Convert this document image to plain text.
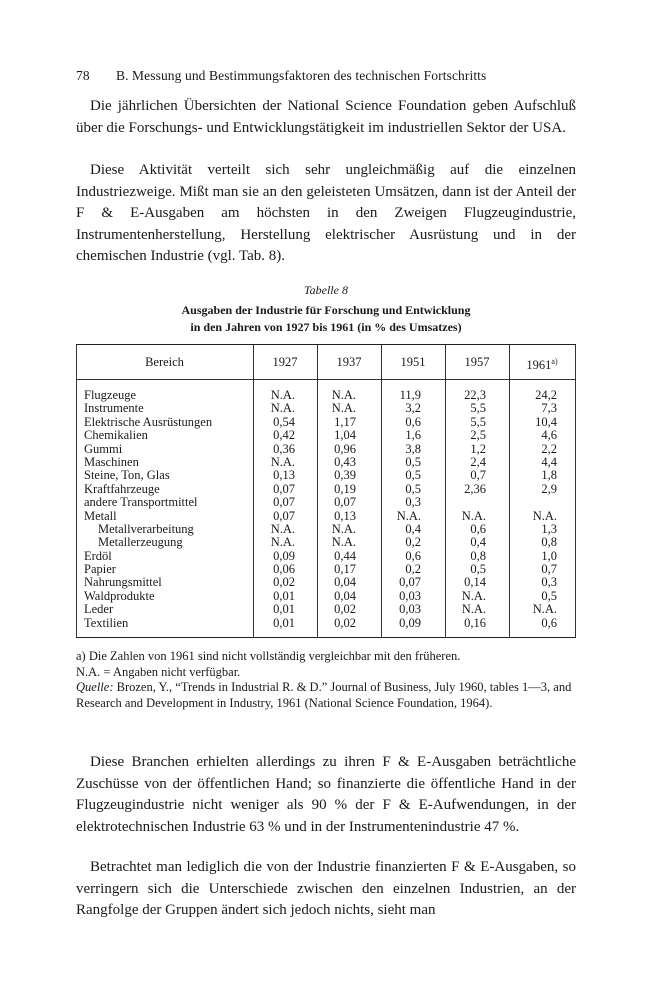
78 B. Messung und Bestimmungsfaktoren des technischen Fortschritts
Die jährlichen Übersichten der National Science Foundation geben Aufschluß über die Forschungs- und Entwicklungstätigkeit im industriellen Sektor der USA.
Diese Aktivität verteilt sich sehr ungleichmäßig auf die einzelnen Industriezweige. Mißt man sie an den geleisteten Umsätzen, dann ist der Anteil der F & E-Ausgaben am höchsten in den Zweigen Flugzeugindustrie, Instrumentenherstellung, Herstellung elektrischer Ausrüstung und in der chemischen Industrie (vgl. Tab. 8).
Tabelle 8
Ausgaben der Industrie für Forschung und Entwicklung
in den Jahren von 1927 bis 1961 (in % des Umsatzes)
Bereich	1927	1937	1951	1957	1961$^{a)}$
Flugzeuge	N.A.	N.A.	11,9	22,3	24,2
Instrumente	N.A.	N.A.	3,2	5,5	7,3
Elektrische Ausrüstungen	0,54	1,17	0,6	5,5	10,4
Chemikalien	0,42	1,04	1,6	2,5	4,6
Gummi	0,36	0,96	3,8	1,2	2,2
Maschinen	N.A.	0,43	0,5	2,4	4,4
Steine, Ton, Glas	0,13	0,39	0,5	0,7	1,8
Kraftfahrzeuge	0,07	0,19	0,5	2,36	2,9
andere Transportmittel	0,07	0,07	0,3
Metall	0,07	0,13	N.A.	N.A.	N.A.
Metallverarbeitung	N.A.	N.A.	0,4	0,6	1,3
Metallerzeugung	N.A.	N.A.	0,2	0,4	0,8
Erdöl	0,09	0,44	0,6	0,8	1,0
Papier	0,06	0,17	0,2	0,5	0,7
Nahrungsmittel	0,02	0,04	0,07	0,14	0,3
Waldprodukte	0,01	0,04	0,03	N.A.	0,5
Leder	0,01	0,02	0,03	N.A.	N.A.
Textilien	0,01	0,02	0,09	0,16	0,6
a) Die Zahlen von 1961 sind nicht vollständig vergleichbar mit den früheren.
N.A. = Angaben nicht verfügbar.
Quelle: Brozen, Y., “Trends in Industrial R. & D.” Journal of Business, July 1960, tables 1—3, and Research and Development in Industry, 1961 (National Science Foundation, 1964).
Diese Branchen erhielten allerdings zu ihren F & E-Ausgaben beträchtliche Zuschüsse von der öffentlichen Hand; so finanzierte die öffentliche Hand in der Flugzeugindustrie nicht weniger als 90 % der F & E-Aufwendungen, in der elektrotechnischen Industrie 63 % und in der Instrumentenindustrie 47 %.
Betrachtet man lediglich die von der Industrie finanzierten F & E-Ausgaben, so verringern sich die Unterschiede zwischen den einzelnen Industrien, an der Rangfolge der Gruppen ändert sich jedoch nichts, sieht man
